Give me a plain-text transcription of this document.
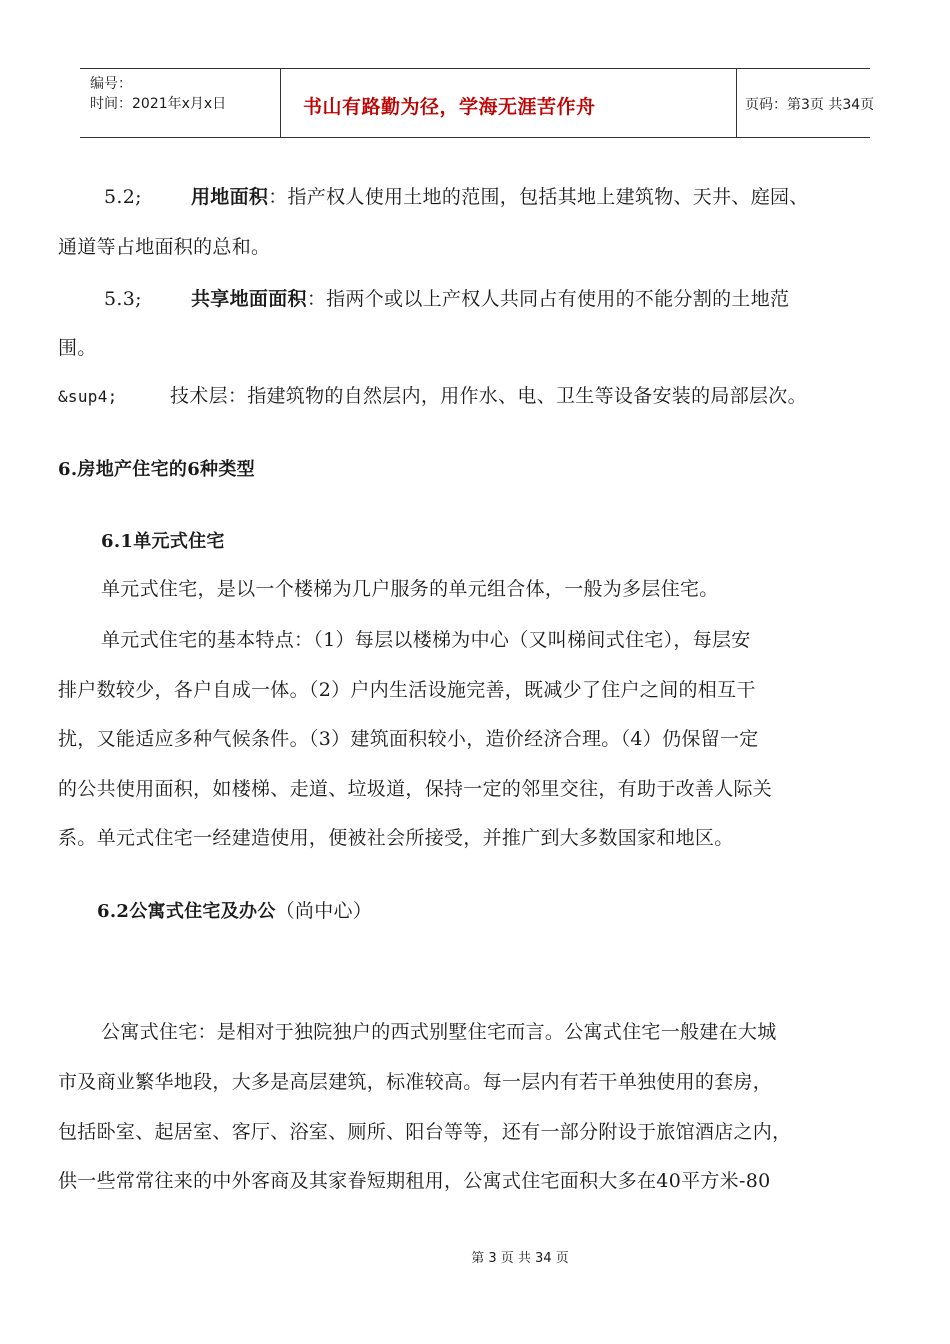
编号：
时间：2021年x月x日	书山有路勤为径，学海无涯苦作舟	页码：第3页 共34页
5.2;	用地面积：指产权人使用土地的范围，包括其地上建筑物、天井、庭园、
通道等占地面积的总和。
5.3;	共享地面面积：指两个或以上产权人共同占有使用的不能分割的土地范
围。
&sup4;	技术层：指建筑物的自然层内，用作水、电、卫生等设备安装的局部层次。
6.房地产住宅的6种类型
6.1单元式住宅
单元式住宅，是以一个楼梯为几户服务的单元组合体，一般为多层住宅。
单元式住宅的基本特点：（1）每层以楼梯为中心（又叫梯间式住宅），每层安
排户数较少，各户自成一体。（2）户内生活设施完善，既减少了住户之间的相互干
扰，又能适应多种气候条件。（3）建筑面积较小，造价经济合理。（4）仍保留一定
的公共使用面积，如楼梯、走道、垃圾道，保持一定的邻里交往，有助于改善人际关
系。单元式住宅一经建造使用，便被社会所接受，并推广到大多数国家和地区。
6.2公寓式住宅及办公（尚中心）
公寓式住宅：是相对于独院独户的西式别墅住宅而言。公寓式住宅一般建在大城
市及商业繁华地段，大多是高层建筑，标准较高。每一层内有若干单独使用的套房，
包括卧室、起居室、客厅、浴室、厕所、阳台等等，还有一部分附设于旅馆酒店之内，
供一些常常往来的中外客商及其家眷短期租用，公寓式住宅面积大多在40平方米-80
第 3 页 共 34 页
